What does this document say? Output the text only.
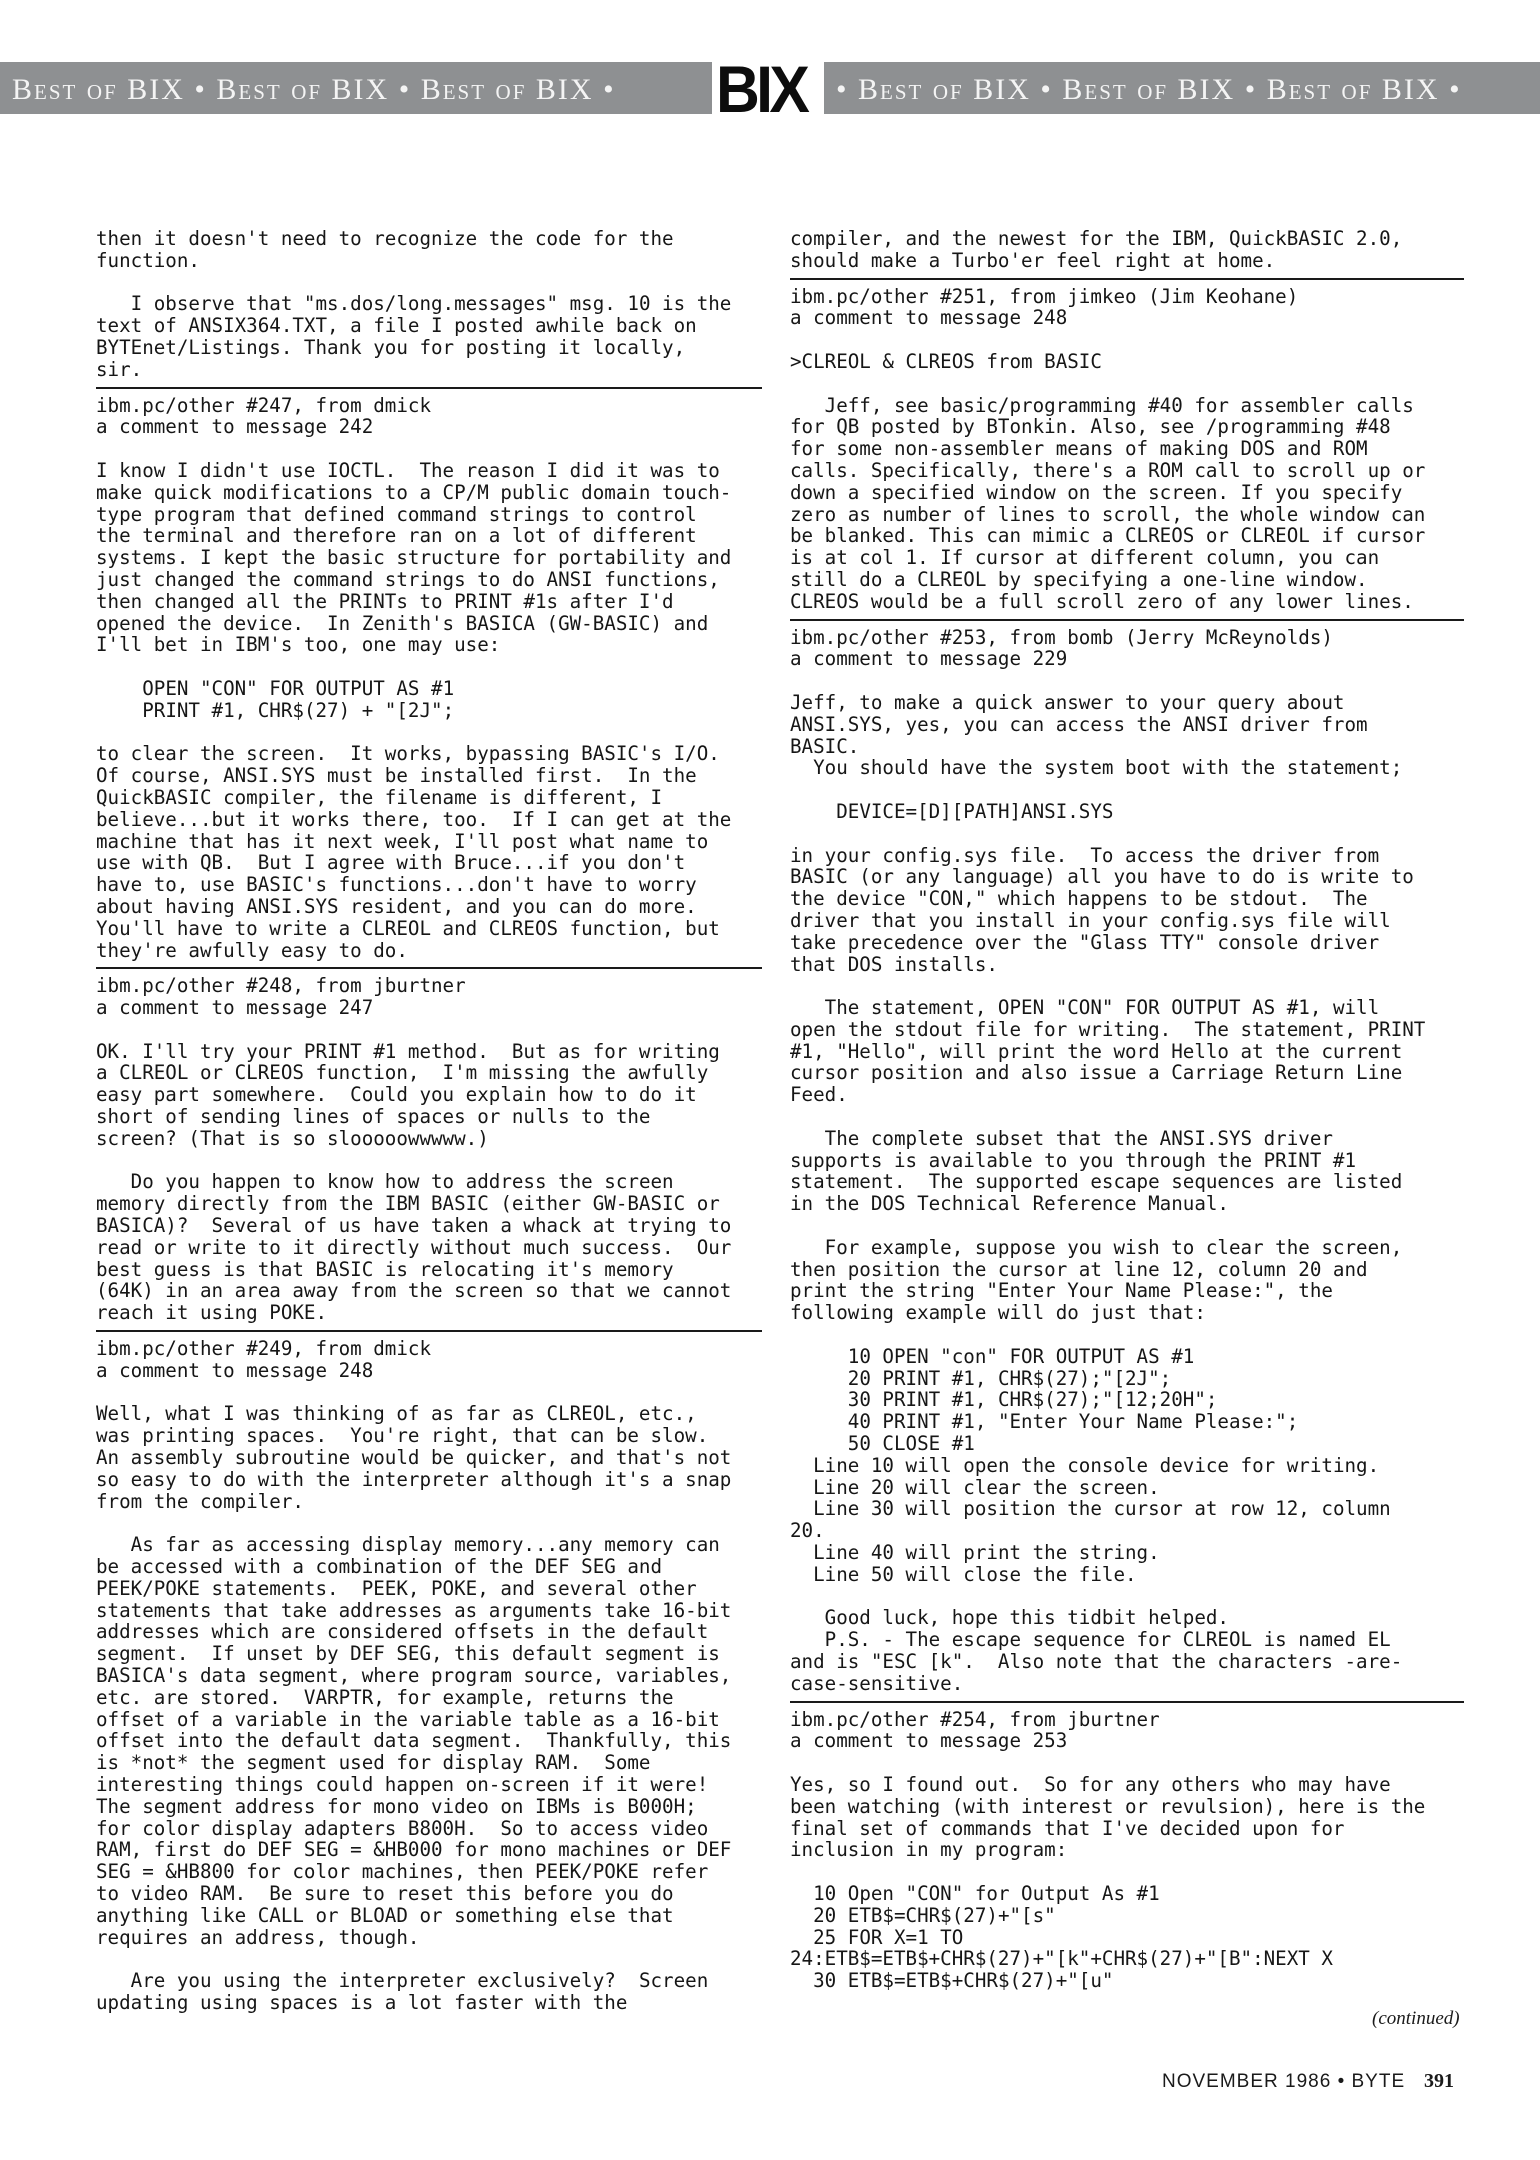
Best of BIX • Best of BIX • Best of BIX •	• Best of BIX • Best of BIX • Best of BIX •
BIX
then it doesn't need to recognize the code for the
function.
I observe that "ms.dos/long.messages" msg. 10 is the
text of ANSIX364.TXT, a file I posted awhile back on
BYTEnet/Listings. Thank you for posting it locally,
sir.
ibm.pc/other #247, from dmick
a comment to message 242
I know I didn't use IOCTL.  The reason I did it was to
make quick modifications to a CP/M public domain touch-
type program that defined command strings to control
the terminal and therefore ran on a lot of different
systems. I kept the basic structure for portability and
just changed the command strings to do ANSI functions,
then changed all the PRINTs to PRINT #1s after I'd
opened the device.  In Zenith's BASICA (GW-BASIC) and
I'll bet in IBM's too, one may use:
OPEN "CON" FOR OUTPUT AS #1
PRINT #1, CHR$(27) + "[2J";
to clear the screen.  It works, bypassing BASIC's I/O.
Of course, ANSI.SYS must be installed first.  In the
QuickBASIC compiler, the filename is different, I
believe...but it works there, too.  If I can get at the
machine that has it next week, I'll post what name to
use with QB.  But I agree with Bruce...if you don't
have to, use BASIC's functions...don't have to worry
about having ANSI.SYS resident, and you can do more.
You'll have to write a CLREOL and CLREOS function, but
they're awfully easy to do.
ibm.pc/other #248, from jburtner
a comment to message 247
OK. I'll try your PRINT #1 method.  But as for writing
a CLREOL or CLREOS function,  I'm missing the awfully
easy part somewhere.  Could you explain how to do it
short of sending lines of spaces or nulls to the
screen? (That is so slooooowwwww.)
Do you happen to know how to address the screen
memory directly from the IBM BASIC (either GW-BASIC or
BASICA)?  Several of us have taken a whack at trying to
read or write to it directly without much success.  Our
best guess is that BASIC is relocating it's memory
(64K) in an area away from the screen so that we cannot
reach it using POKE.
ibm.pc/other #249, from dmick
a comment to message 248
Well, what I was thinking of as far as CLREOL, etc.,
was printing spaces.  You're right, that can be slow.
An assembly subroutine would be quicker, and that's not
so easy to do with the interpreter although it's a snap
from the compiler.
As far as accessing display memory...any memory can
be accessed with a combination of the DEF SEG and
PEEK/POKE statements.  PEEK, POKE, and several other
statements that take addresses as arguments take 16-bit
addresses which are considered offsets in the default
segment.  If unset by DEF SEG, this default segment is
BASICA's data segment, where program source, variables,
etc. are stored.  VARPTR, for example, returns the
offset of a variable in the variable table as a 16-bit
offset into the default data segment.  Thankfully, this
is *not* the segment used for display RAM.  Some
interesting things could happen on-screen if it were!
The segment address for mono video on IBMs is B000H;
for color display adapters B800H.  So to access video
RAM, first do DEF SEG = &HB000 for mono machines or DEF
SEG = &HB800 for color machines, then PEEK/POKE refer
to video RAM.  Be sure to reset this before you do
anything like CALL or BLOAD or something else that
requires an address, though.
Are you using the interpreter exclusively?  Screen
updating using spaces is a lot faster with the
compiler, and the newest for the IBM, QuickBASIC 2.0,
should make a Turbo'er feel right at home.
ibm.pc/other #251, from jimkeo (Jim Keohane)
a comment to message 248
>CLREOL & CLREOS from BASIC
Jeff, see basic/programming #40 for assembler calls
for QB posted by BTonkin. Also, see /programming #48
for some non-assembler means of making DOS and ROM
calls. Specifically, there's a ROM call to scroll up or
down a specified window on the screen. If you specify
zero as number of lines to scroll, the whole window can
be blanked. This can mimic a CLREOS or CLREOL if cursor
is at col 1. If cursor at different column, you can
still do a CLREOL by specifying a one-line window.
CLREOS would be a full scroll zero of any lower lines.
ibm.pc/other #253, from bomb (Jerry McReynolds)
a comment to message 229
Jeff, to make a quick answer to your query about
ANSI.SYS, yes, you can access the ANSI driver from
BASIC.
You should have the system boot with the statement;
DEVICE=[D][PATH]ANSI.SYS
in your config.sys file.  To access the driver from
BASIC (or any language) all you have to do is write to
the device "CON," which happens to be stdout.  The
driver that you install in your config.sys file will
take precedence over the "Glass TTY" console driver
that DOS installs.
The statement, OPEN "CON" FOR OUTPUT AS #1, will
open the stdout file for writing.  The statement, PRINT
#1, "Hello", will print the word Hello at the current
cursor position and also issue a Carriage Return Line
Feed.
The complete subset that the ANSI.SYS driver
supports is available to you through the PRINT #1
statement.  The supported escape sequences are listed
in the DOS Technical Reference Manual.
For example, suppose you wish to clear the screen,
then position the cursor at line 12, column 20 and
print the string "Enter Your Name Please:", the
following example will do just that:
10 OPEN "con" FOR OUTPUT AS #1
20 PRINT #1, CHR$(27);"[2J";
30 PRINT #1, CHR$(27);"[12;20H";
40 PRINT #1, "Enter Your Name Please:";
50 CLOSE #1
Line 10 will open the console device for writing.
Line 20 will clear the screen.
Line 30 will position the cursor at row 12, column
20.
Line 40 will print the string.
Line 50 will close the file.
Good luck, hope this tidbit helped.
P.S. - The escape sequence for CLREOL is named EL
and is "ESC [k".  Also note that the characters -are-
case-sensitive.
ibm.pc/other #254, from jburtner
a comment to message 253
Yes, so I found out.  So for any others who may have
been watching (with interest or revulsion), here is the
final set of commands that I've decided upon for
inclusion in my program:
10 Open "CON" for Output As #1
20 ETB$=CHR$(27)+"[s"
25 FOR X=1 TO
24:ETB$=ETB$+CHR$(27)+"[k"+CHR$(27)+"[B":NEXT X
30 ETB$=ETB$+CHR$(27)+"[u"
(continued)
NOVEMBER 1986 • BYTE 391
